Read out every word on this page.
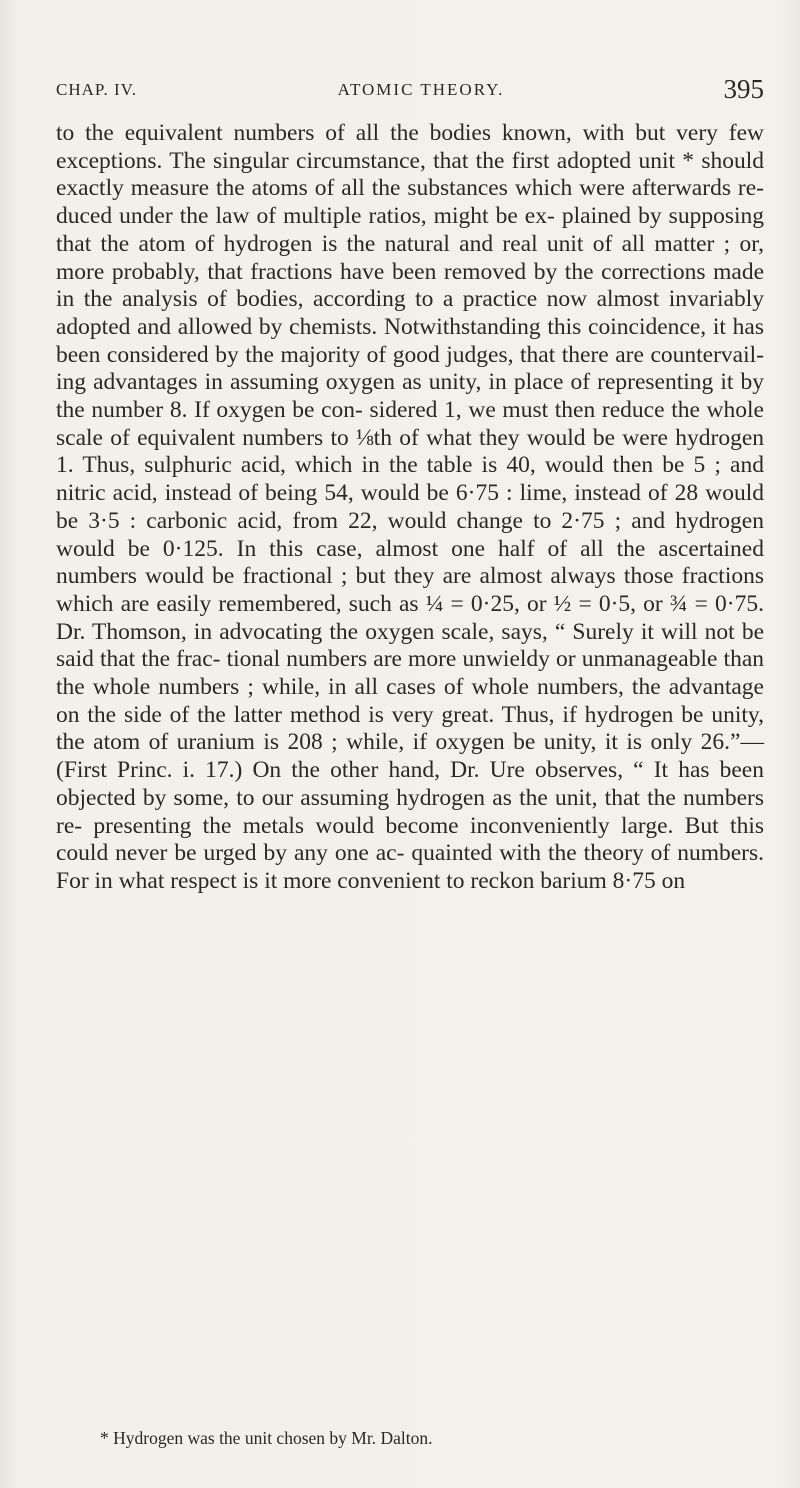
CHAP. IV.	ATOMIC THEORY.	395

to the equivalent numbers of all the bodies known, with but very few exceptions. The singular circumstance, that the first adopted unit * should exactly measure the atoms of all the substances which were afterwards re- duced under the law of multiple ratios, might be ex- plained by supposing that the atom of hydrogen is the natural and real unit of all matter ; or, more probably, that fractions have been removed by the corrections made in the analysis of bodies, according to a practice now almost invariably adopted and allowed by chemists. Notwithstanding this coincidence, it has been considered by the majority of good judges, that there are countervail- ing advantages in assuming oxygen as unity, in place of representing it by the number 8. If oxygen be con- sidered 1, we must then reduce the whole scale of equivalent numbers to ⅛th of what they would be were hydrogen 1. Thus, sulphuric acid, which in the table is 40, would then be 5 ; and nitric acid, instead of being 54, would be 6·75 : lime, instead of 28 would be 3·5 : carbonic acid, from 22, would change to 2·75 ; and hydrogen would be 0·125. In this case, almost one half of all the ascertained numbers would be fractional ; but they are almost always those fractions which are easily remembered, such as ¼ = 0·25, or ½ = 0·5, or ¾ = 0·75. Dr. Thomson, in advocating the oxygen scale, says, “ Surely it will not be said that the frac- tional numbers are more unwieldy or unmanageable than the whole numbers ; while, in all cases of whole numbers, the advantage on the side of the latter method is very great. Thus, if hydrogen be unity, the atom of uranium is 208 ; while, if oxygen be unity, it is only 26.”—(First Princ. i. 17.) On the other hand, Dr. Ure observes, “ It has been objected by some, to our assuming hydrogen as the unit, that the numbers re- presenting the metals would become inconveniently large. But this could never be urged by any one ac- quainted with the theory of numbers. For in what respect is it more convenient to reckon barium 8·75 on

* Hydrogen was the unit chosen by Mr. Dalton.
